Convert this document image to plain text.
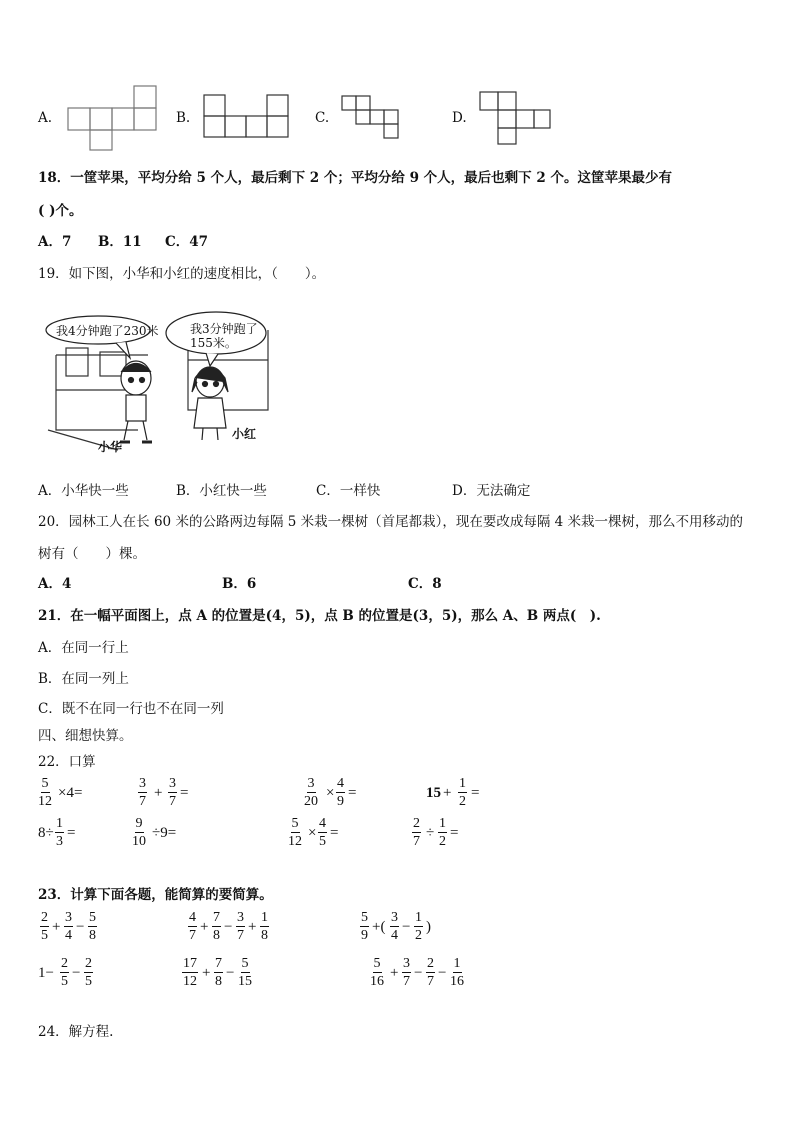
A.	B.	C.	D.
18．一筐苹果，平均分给 5 个人，最后剩下 2 个；平均分给 9 个人，最后也剩下 2 个。这筐苹果最少有
( )个。
A．7 B．11 C．47
19．如下图，小华和小红的速度相比，（　　）。
我4分钟跑了230米	我3分钟跑了
155米。
小华
小红
A．小华快一些	B．小红快一些	C．一样快	D．无法确定
20．园林工人在长 60 米的公路两边每隔 5 米栽一棵树（首尾都栽），现在要改成每隔 4 米栽一棵树，那么不用移动的
树有（　　）棵。
A．4	B．6	C．8
21．在一幅平面图上，点 A 的位置是(4，5)，点 B 的位置是(3，5)，那么 A、B 两点(　).
A．在同一行上
B．在同一列上
C．既不在同一行也不在同一列
四、细想快算。
22．口算
5
12
×4=
3
7
+
3
7
=
3
20
×
4
9
=	15 +
1
2
=
8÷
1
3
=
9
10
÷9=
5
12
×
4
5
=
2
7
÷
1
2
=
23．计算下面各题，能简算的要简算。
2
5
+
3
4
−
5
8
4
7
+
7
8
−
3
7
+
1
8
5
9
+(
3
4
−
1
2
)
1−
2
5
−
2
5
17
12
+
7
8
−
5
15
5
16
+
3
7
−
2
7
−
1
16
24．解方程.
